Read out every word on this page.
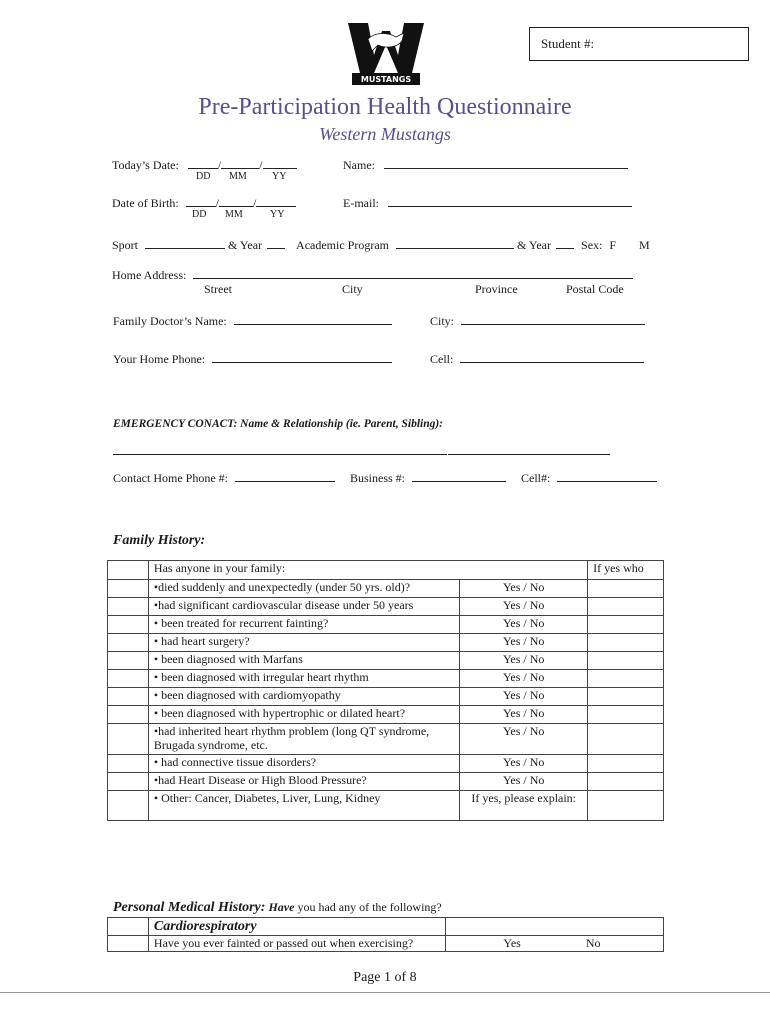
Student #:
MUSTANGS
Pre-Participation Health Questionnaire
Western Mustangs
Today’s Date:	/	/
DD MM	YY
Name:
Date of Birth:	/	/
DD MM	YY
E-mail:
Sport	& Year	Academic Program	& Year	Sex: F M
Home Address:
Street	City	Province	Postal Code
Family Doctor’s Name:	City:
Your Home Phone:	Cell:
EMERGENCY CONACT: Name & Relationship (ie. Parent, Sibling):
Contact Home Phone #:	Business #:	Cell#:
Family History:
	Has anyone in your family:		If yes who
	•died suddenly and unexpectedly (under 50 yrs. old)?	Yes / No	
	•had significant cardiovascular disease under 50 years	Yes / No	
	• been treated for recurrent fainting?	Yes / No	
	• had heart surgery?	Yes / No	
	• been diagnosed with Marfans	Yes / No	
	• been diagnosed with irregular heart rhythm	Yes / No	
	• been diagnosed with cardiomyopathy	Yes / No	
	• been diagnosed with hypertrophic or dilated heart?	Yes / No	

	•had inherited heart rhythm problem (long QT syndrome,
Brugada syndrome, etc.	Yes / No	
	• had connective tissue disorders?	Yes / No	
	•had Heart Disease or High Blood Pressure?	Yes / No	
	• Other: Cancer, Diabetes, Liver, Lung, Kidney	If yes, please explain:	
Personal Medical History: Have you had any of the following?
	Cardiorespiratory	
	Have you ever fainted or passed out when exercising?	Yes No
Page 1 of 8
